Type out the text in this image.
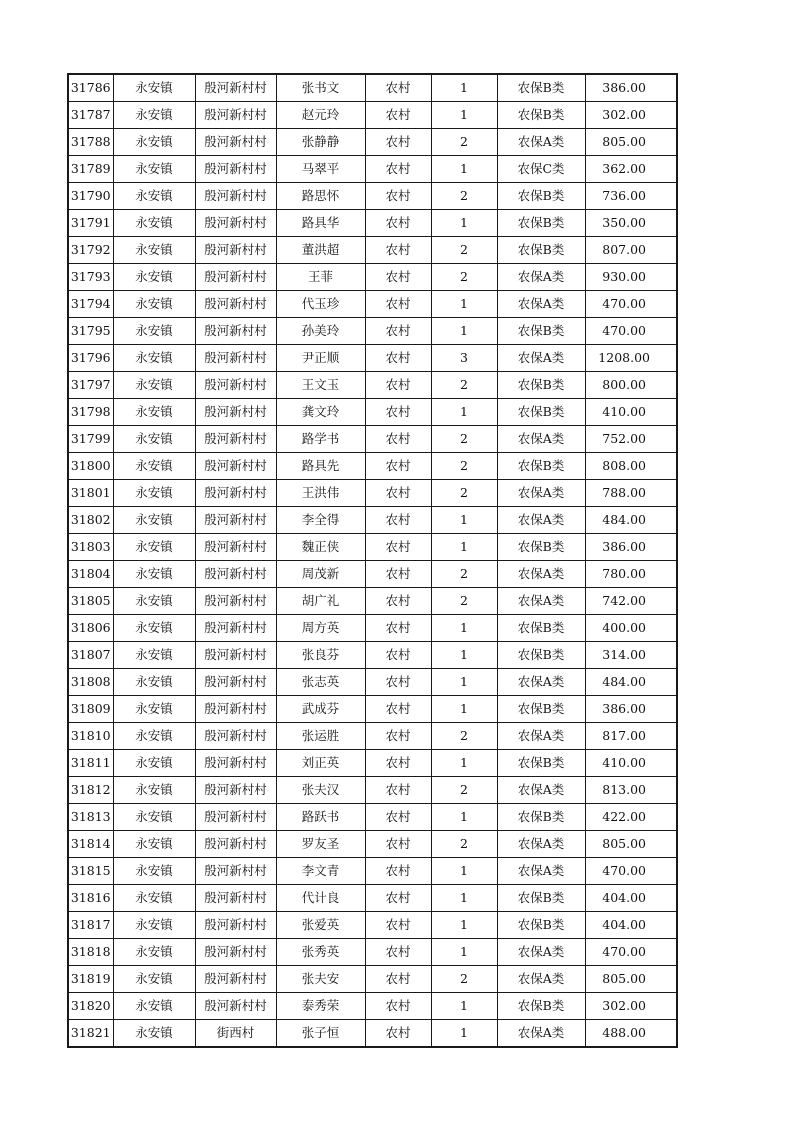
31786	永安镇	殷河新村村	张书文	农村	1	农保B类	386.00
31787	永安镇	殷河新村村	赵元玲	农村	1	农保B类	302.00
31788	永安镇	殷河新村村	张静静	农村	2	农保A类	805.00
31789	永安镇	殷河新村村	马翠平	农村	1	农保C类	362.00
31790	永安镇	殷河新村村	路思怀	农村	2	农保B类	736.00
31791	永安镇	殷河新村村	路具华	农村	1	农保B类	350.00
31792	永安镇	殷河新村村	董洪超	农村	2	农保B类	807.00
31793	永安镇	殷河新村村	王菲	农村	2	农保A类	930.00
31794	永安镇	殷河新村村	代玉珍	农村	1	农保A类	470.00
31795	永安镇	殷河新村村	孙美玲	农村	1	农保B类	470.00
31796	永安镇	殷河新村村	尹正顺	农村	3	农保A类	1208.00
31797	永安镇	殷河新村村	王文玉	农村	2	农保B类	800.00
31798	永安镇	殷河新村村	龚文玲	农村	1	农保B类	410.00
31799	永安镇	殷河新村村	路学书	农村	2	农保A类	752.00
31800	永安镇	殷河新村村	路具先	农村	2	农保B类	808.00
31801	永安镇	殷河新村村	王洪伟	农村	2	农保A类	788.00
31802	永安镇	殷河新村村	李全得	农村	1	农保A类	484.00
31803	永安镇	殷河新村村	魏正侠	农村	1	农保B类	386.00
31804	永安镇	殷河新村村	周茂新	农村	2	农保A类	780.00
31805	永安镇	殷河新村村	胡广礼	农村	2	农保A类	742.00
31806	永安镇	殷河新村村	周方英	农村	1	农保B类	400.00
31807	永安镇	殷河新村村	张良芬	农村	1	农保B类	314.00
31808	永安镇	殷河新村村	张志英	农村	1	农保A类	484.00
31809	永安镇	殷河新村村	武成芬	农村	1	农保B类	386.00
31810	永安镇	殷河新村村	张运胜	农村	2	农保A类	817.00
31811	永安镇	殷河新村村	刘正英	农村	1	农保B类	410.00
31812	永安镇	殷河新村村	张夫汉	农村	2	农保A类	813.00
31813	永安镇	殷河新村村	路跃书	农村	1	农保B类	422.00
31814	永安镇	殷河新村村	罗友圣	农村	2	农保A类	805.00
31815	永安镇	殷河新村村	李文青	农村	1	农保A类	470.00
31816	永安镇	殷河新村村	代计良	农村	1	农保B类	404.00
31817	永安镇	殷河新村村	张爱英	农村	1	农保B类	404.00
31818	永安镇	殷河新村村	张秀英	农村	1	农保A类	470.00
31819	永安镇	殷河新村村	张夫安	农村	2	农保A类	805.00
31820	永安镇	殷河新村村	泰秀荣	农村	1	农保B类	302.00
31821	永安镇	街西村	张子恒	农村	1	农保A类	488.00
